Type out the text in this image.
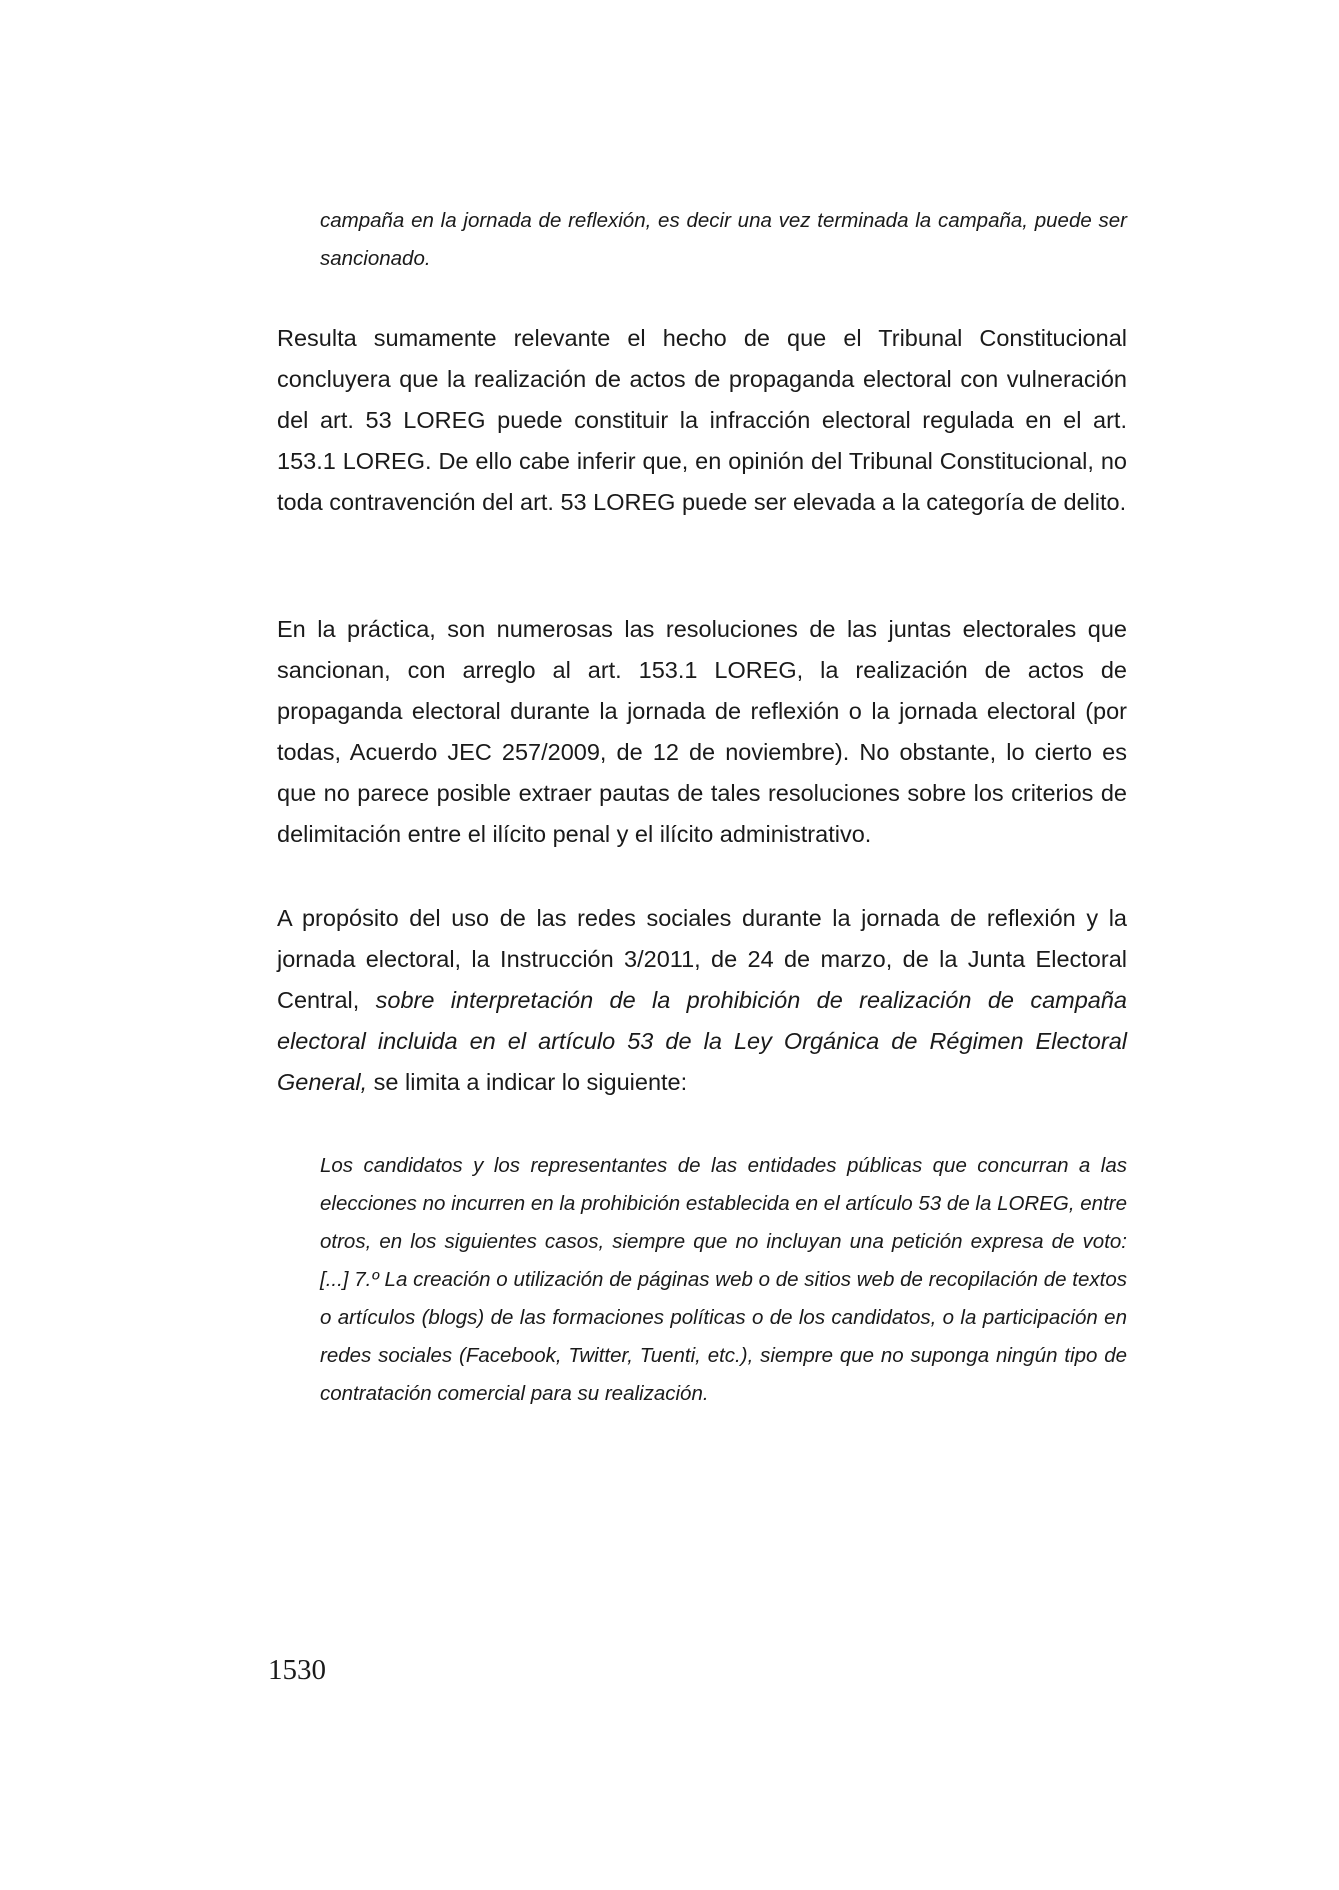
campaña en la jornada de reflexión, es decir una vez terminada la campaña, puede ser sancionado.

Resulta sumamente relevante el hecho de que el Tribunal Constitucional concluyera que la realización de actos de propaganda electoral con vulneración del art. 53 LOREG puede constituir la infracción electoral regulada en el art. 153.1 LOREG. De ello cabe inferir que, en opinión del Tribunal Constitucional, no toda contravención del art. 53 LOREG puede ser elevada a la categoría de delito.

En la práctica, son numerosas las resoluciones de las juntas electorales que sancionan, con arreglo al art. 153.1 LOREG, la realización de actos de propaganda electoral durante la jornada de reflexión o la jornada electoral (por todas, Acuerdo JEC 257/2009, de 12 de noviembre). No obstante, lo cierto es que no parece posible extraer pautas de tales resoluciones sobre los criterios de delimitación entre el ilícito penal y el ilícito administrativo.

A propósito del uso de las redes sociales durante la jornada de reflexión y la jornada electoral, la Instrucción 3/2011, de 24 de marzo, de la Junta Electoral Central, sobre interpretación de la prohibición de realización de campaña electoral incluida en el artículo 53 de la Ley Orgánica de Régimen Electoral General, se limita a indicar lo siguiente:

Los candidatos y los representantes de las entidades públicas que concurran a las elecciones no incurren en la prohibición establecida en el artículo 53 de la LOREG, entre otros, en los siguientes casos, siempre que no incluyan una petición expresa de voto: [...] 7.º La creación o utilización de páginas web o de sitios web de recopilación de textos o artículos (blogs) de las formaciones políticas o de los candidatos, o la participación en redes sociales (Facebook, Twitter, Tuenti, etc.), siempre que no suponga ningún tipo de contratación comercial para su realización.

1530
